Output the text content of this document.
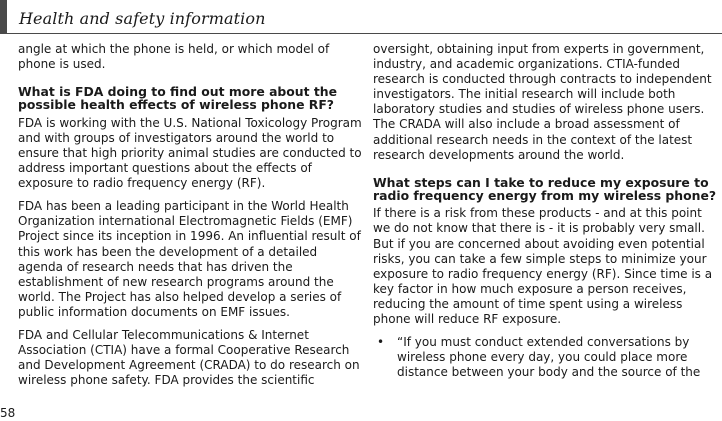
Health and safety information

angle at which the phone is held, or which model of phone is used.

What is FDA doing to find out more about the possible health effects of wireless phone RF?

FDA is working with the U.S. National Toxicology Program and with groups of investigators around the world to ensure that high priority animal studies are conducted to address important questions about the effects of exposure to radio frequency energy (RF).

FDA has been a leading participant in the World Health Organization international Electromagnetic Fields (EMF) Project since its inception in 1996. An influential result of this work has been the development of a detailed agenda of research needs that has driven the establishment of new research programs around the world. The Project has also helped develop a series of public information documents on EMF issues.

FDA and Cellular Telecommunications & Internet Association (CTIA) have a formal Cooperative Research and Development Agreement (CRADA) to do research on wireless phone safety. FDA provides the scientific

oversight, obtaining input from experts in government, industry, and academic organizations. CTIA-funded research is conducted through contracts to independent investigators. The initial research will include both laboratory studies and studies of wireless phone users. The CRADA will also include a broad assessment of additional research needs in the context of the latest research developments around the world.

What steps can I take to reduce my exposure to radio frequency energy from my wireless phone?

If there is a risk from these products - and at this point we do not know that there is - it is probably very small. But if you are concerned about avoiding even potential risks, you can take a few simple steps to minimize your exposure to radio frequency energy (RF). Since time is a key factor in how much exposure a person receives, reducing the amount of time spent using a wireless phone will reduce RF exposure.

•	“If you must conduct extended conversations by wireless phone every day, you could place more distance between your body and the source of the
58
